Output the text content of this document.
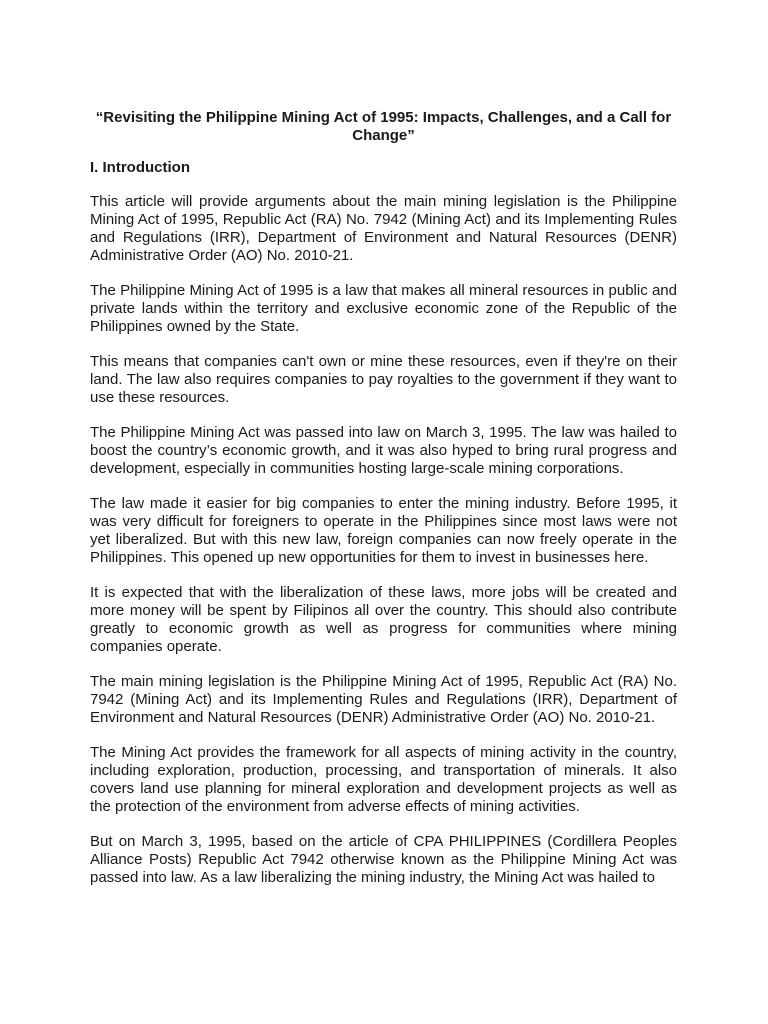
“Revisiting the Philippine Mining Act of 1995: Impacts, Challenges, and a Call for Change”
I. Introduction

This article will provide arguments about the main mining legislation is the Philippine Mining Act of 1995, Republic Act (RA) No. 7942 (Mining Act) and its Implementing Rules and Regulations (IRR), Department of Environment and Natural Resources (DENR) Administrative Order (AO) No. 2010-21.

The Philippine Mining Act of 1995 is a law that makes all mineral resources in public and private lands within the territory and exclusive economic zone of the Republic of the Philippines owned by the State.

This means that companies can't own or mine these resources, even if they're on their land. The law also requires companies to pay royalties to the government if they want to use these resources.

The Philippine Mining Act was passed into law on March 3, 1995. The law was hailed to boost the country’s economic growth, and it was also hyped to bring rural progress and development, especially in communities hosting large-scale mining corporations.

The law made it easier for big companies to enter the mining industry. Before 1995, it was very difficult for foreigners to operate in the Philippines since most laws were not yet liberalized. But with this new law, foreign companies can now freely operate in the Philippines. This opened up new opportunities for them to invest in businesses here.

It is expected that with the liberalization of these laws, more jobs will be created and more money will be spent by Filipinos all over the country. This should also contribute greatly to economic growth as well as progress for communities where mining companies operate.

The main mining legislation is the Philippine Mining Act of 1995, Republic Act (RA) No. 7942 (Mining Act) and its Implementing Rules and Regulations (IRR), Department of Environment and Natural Resources (DENR) Administrative Order (AO) No. 2010-21.

The Mining Act provides the framework for all aspects of mining activity in the country, including exploration, production, processing, and transportation of minerals. It also covers land use planning for mineral exploration and development projects as well as the protection of the environment from adverse effects of mining activities.

But on March 3, 1995, based on the article of CPA PHILIPPINES (Cordillera Peoples Alliance Posts) Republic Act 7942 otherwise known as the Philippine Mining Act was passed into law. As a law liberalizing the mining industry, the Mining Act was hailed to
